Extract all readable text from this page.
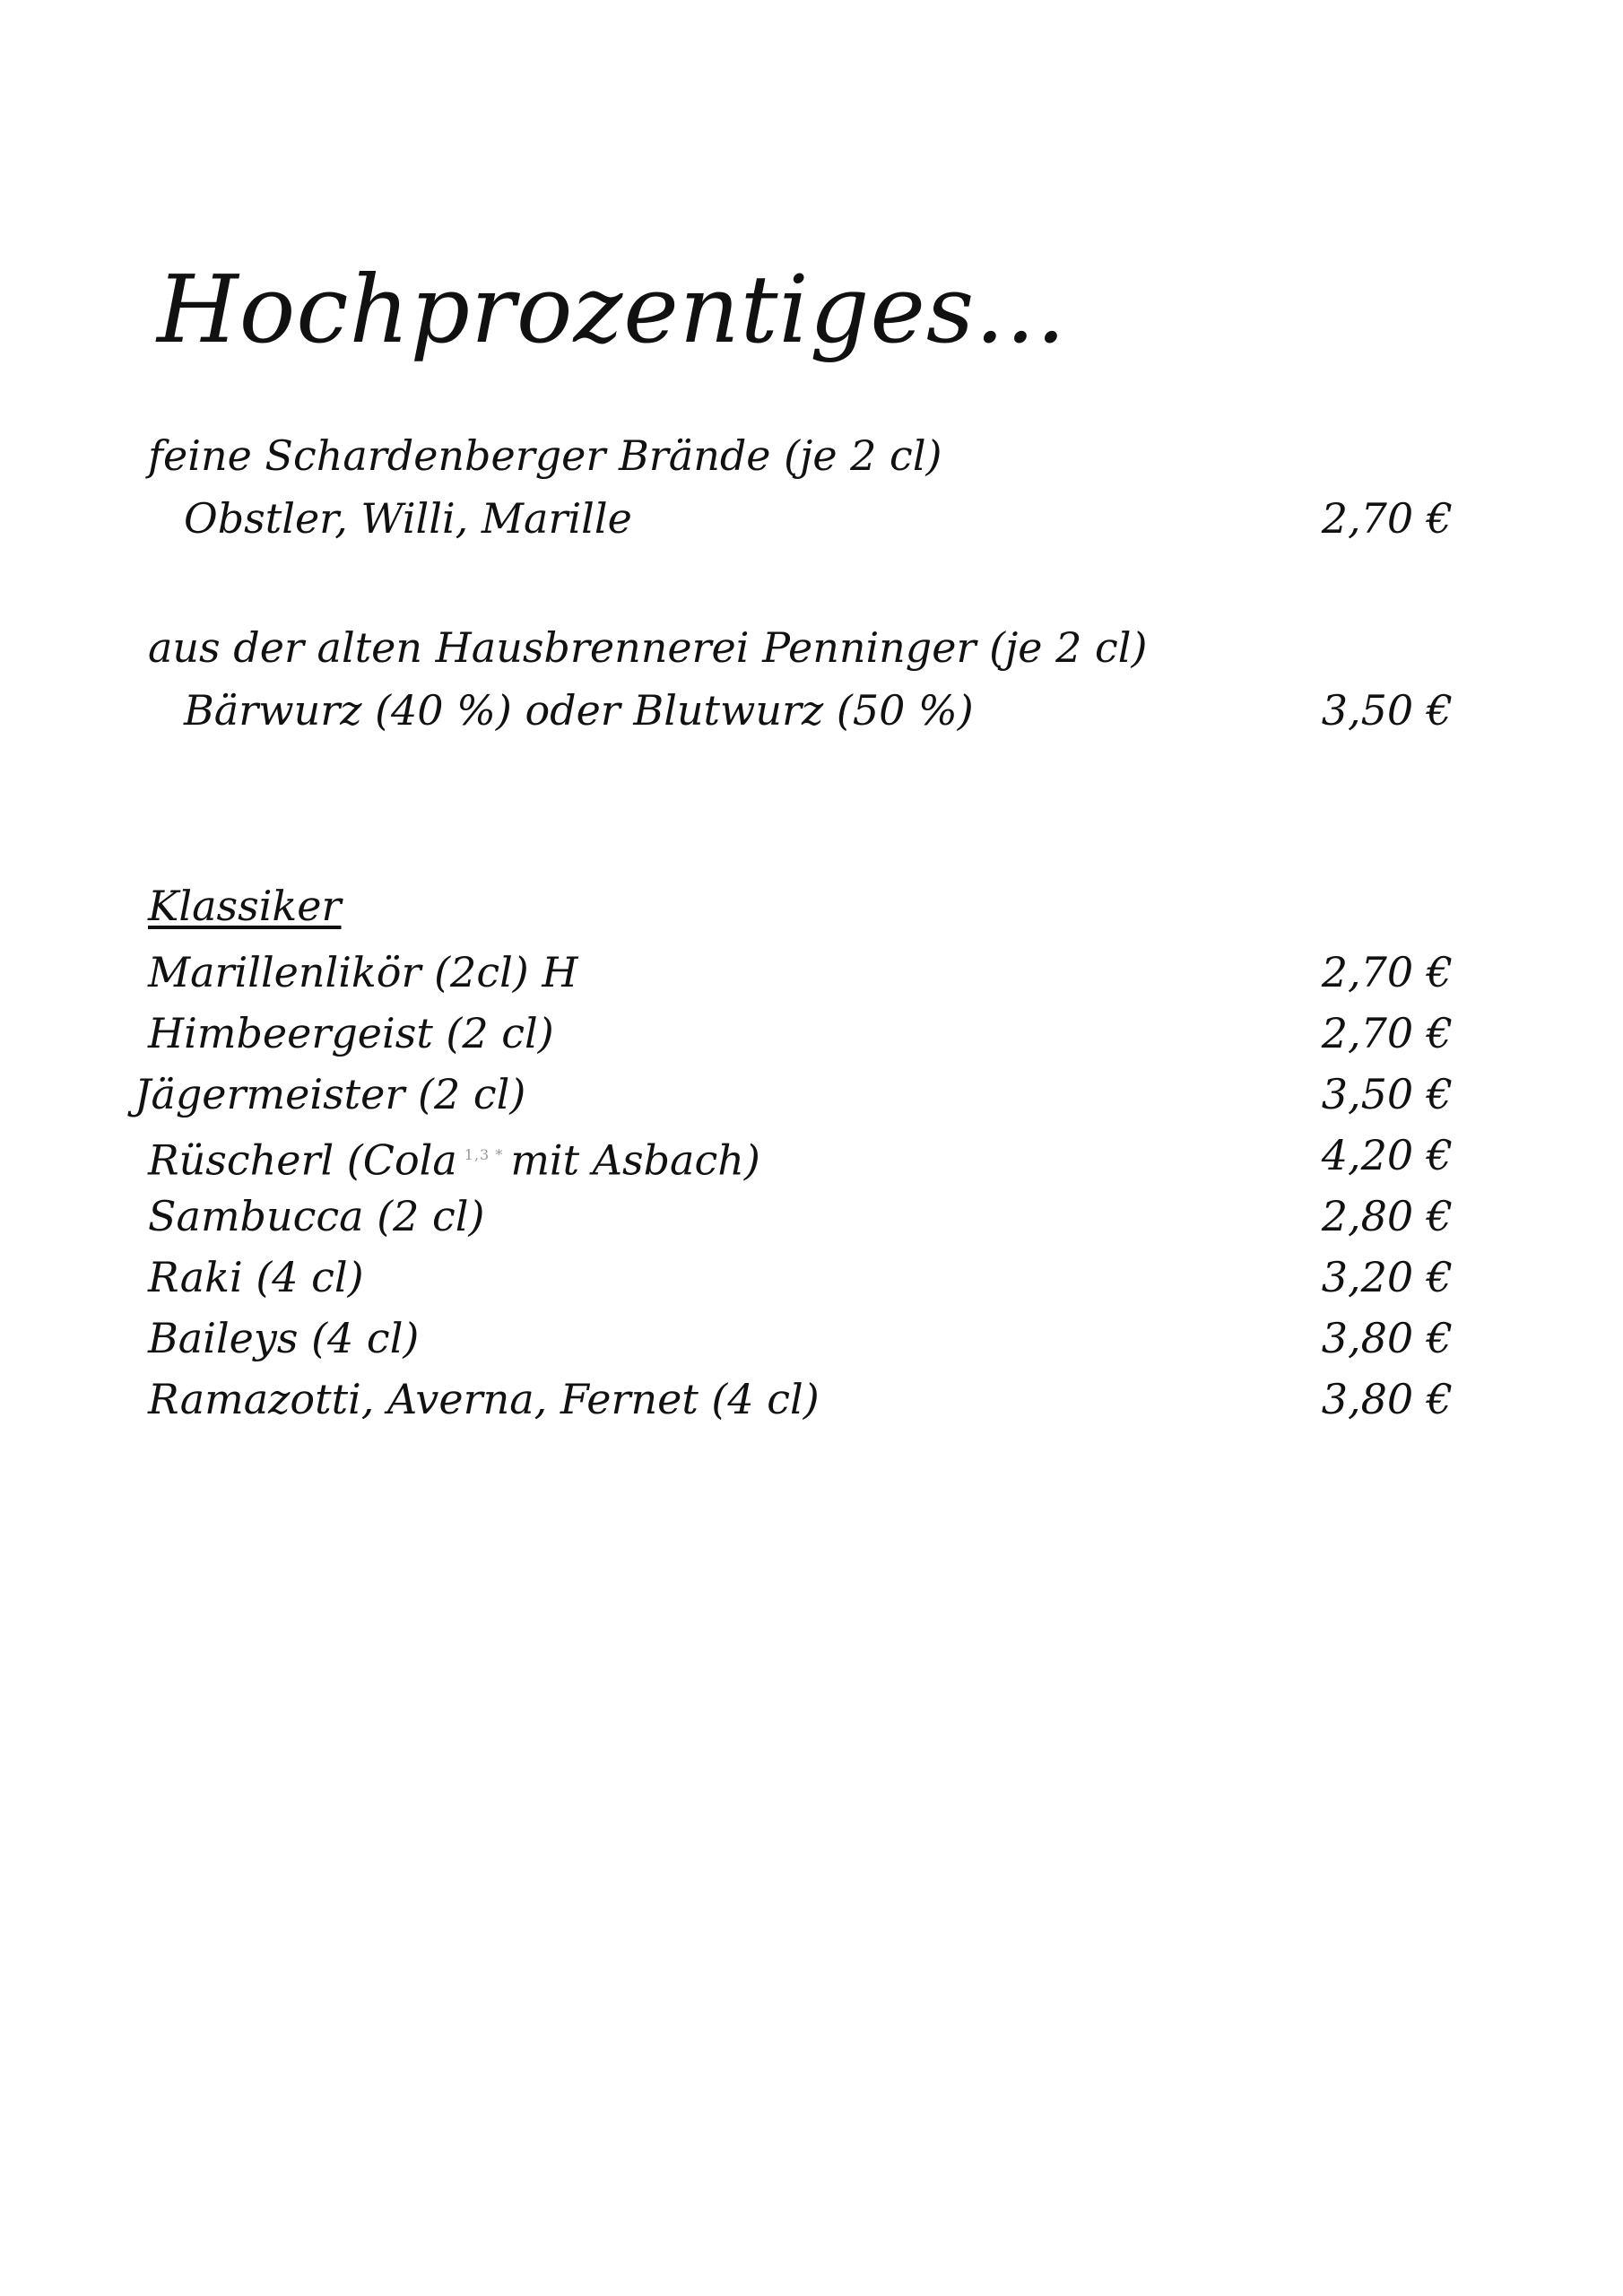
Hochprozentiges...
feine Schardenberger Brände (je 2 cl)
Obstler, Willi, Marille	2,70 €
aus der alten Hausbrennerei Penninger (je 2 cl)
Bärwurz (40 %) oder Blutwurz (50 %)	3,50 €
Klassiker
Marillenlikör (2cl) H	2,70 €
Himbeergeist (2 cl)	2,70 €
Jägermeister (2 cl)	3,50 €
Rüscherl (Cola $^{1,3 *}$ mit Asbach)	4,20 €
Sambucca (2 cl)	2,80 €
Raki (4 cl)	3,20 €
Baileys (4 cl)	3,80 €
Ramazotti, Averna, Fernet (4 cl)	3,80 €
